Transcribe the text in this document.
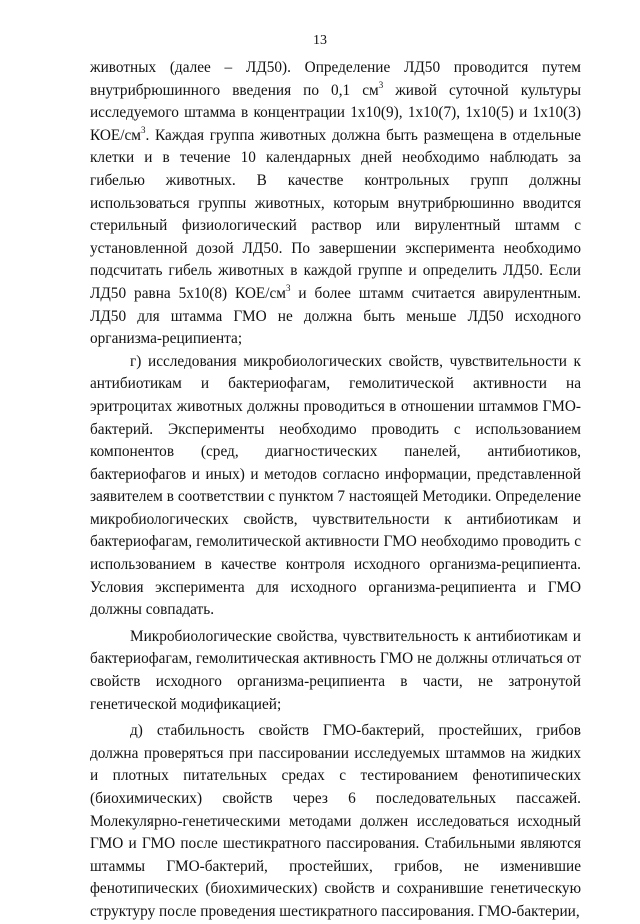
13

животных (далее – ЛД50). Определение ЛД50 проводится путем внутрибрюшинного введения по 0,1 $см^3$ живой суточной культуры исследуемого штамма в концентрации 1x10(9), 1x10(7), 1x10(5) и 1x10(3) КОЕ/$см^3$. Каждая группа животных должна быть размещена в отдельные клетки и в течение 10 календарных дней необходимо наблюдать за гибелью животных. В качестве контрольных групп должны использоваться группы животных, которым внутрибрюшинно вводится стерильный физиологический раствор или вирулентный штамм с установленной дозой ЛД50. По завершении эксперимента необходимо подсчитать гибель животных в каждой группе и определить ЛД50. Если ЛД50 равна 5x10(8) КОЕ/$см^3$ и более штамм считается авирулентным. ЛД50 для штамма ГМО не должна быть меньше ЛД50 исходного организма-реципиента;

г) исследования микробиологических свойств, чувствительности к антибиотикам и бактериофагам, гемолитической активности на эритроцитах животных должны проводиться в отношении штаммов ГМО-бактерий. Эксперименты необходимо проводить с использованием компонентов (сред, диагностических панелей, антибиотиков, бактериофагов и иных) и методов согласно информации, представленной заявителем в соответствии с пунктом 7 настоящей Методики. Определение микробиологических свойств, чувствительности к антибиотикам и бактериофагам, гемолитической активности ГМО необходимо проводить с использованием в качестве контроля исходного организма-реципиента. Условия эксперимента для исходного организма-реципиента и ГМО должны совпадать.

Микробиологические свойства, чувствительность к антибиотикам и бактериофагам, гемолитическая активность ГМО не должны отличаться от свойств исходного организма-реципиента в части, не затронутой генетической модификацией;

д) стабильность свойств ГМО-бактерий, простейших, грибов должна проверяться при пассировании исследуемых штаммов на жидких и плотных питательных средах с тестированием фенотипических (биохимических) свойств через 6 последовательных пассажей. Молекулярно-генетическими методами должен исследоваться исходный ГМО и ГМО после шестикратного пассирования. Стабильными являются штаммы ГМО-бактерий, простейших, грибов, не изменившие фенотипических (биохимических) свойств и сохранившие генетическую структуру после проведения шестикратного пассирования. ГМО-бактерии,
